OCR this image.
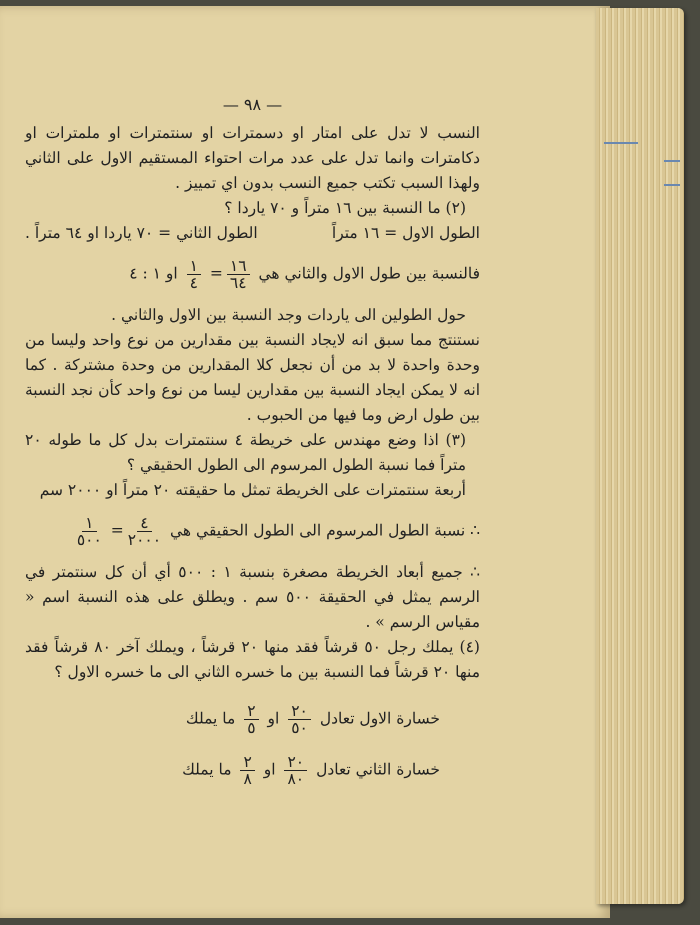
— ٩٨ —

النسب لا تدل على امتار او دسمترات او سنتمترات او ملمترات او دكامترات وانما تدل على عدد مرات احتواء المستقيم الاول على الثاني ولهذا السبب تكتب جميع النسب بدون اي تمييز .

(٢) ما النسبة بين ١٦ متراً و ٧٠ ياردا ؟

الطول الاول = ١٦ متراً
الطول الثاني = ٧٠ ياردا او ٦٤ متراً .
فالنسبة بين طول الاول والثاني هي
$\frac{١٦}{٦٤}$
=
$\frac{١}{٤}$
او ١ : ٤

حول الطولين الى ياردات وجد النسبة بين الاول والثاني .

نستنتج مما سبق انه لايجاد النسبة بين مقدارين من نوع واحد وليسا من وحدة واحدة لا بد من أن نجعل كلا المقدارين من وحدة مشتركة . كما انه لا يمكن ايجاد النسبة بين مقدارين ليسا من نوع واحد كأن نجد النسبة بين طول ارض وما فيها من الحبوب .

(٣) اذا وضع مهندس على خريطة ٤ سنتمترات بدل كل ما طوله ٢٠ متراً فما نسبة الطول المرسوم الى الطول الحقيقي ؟

أربعة سنتمترات على الخريطة تمثل ما حقيقته ٢٠ متراً او ٢٠٠٠ سم

∴ نسبة الطول المرسوم الى الطول الحقيقي هي
$\frac{٤}{٢٠٠٠}$
=
$\frac{١}{٥٠٠}$

∴ جميع أبعاد الخريطة مصغرة بنسبة ١ : ٥٠٠ أي أن كل سنتمتر في الرسم يمثل في الحقيقة ٥٠٠ سم . ويطلق على هذه النسبة اسم « مقياس الرسم » .

(٤) يملك رجل ٥٠ قرشاً فقد منها ٢٠ قرشاً ، ويملك آخر ٨٠ قرشاً فقد منها ٢٠ قرشاً فما النسبة بين ما خسره الثاني الى ما خسره الاول ؟

خسارة الاول تعادل
$\frac{٢٠}{٥٠}$
او
$\frac{٢}{٥}$
ما يملك
خسارة الثاني تعادل
$\frac{٢٠}{٨٠}$
او
$\frac{٢}{٨}$
ما يملك
